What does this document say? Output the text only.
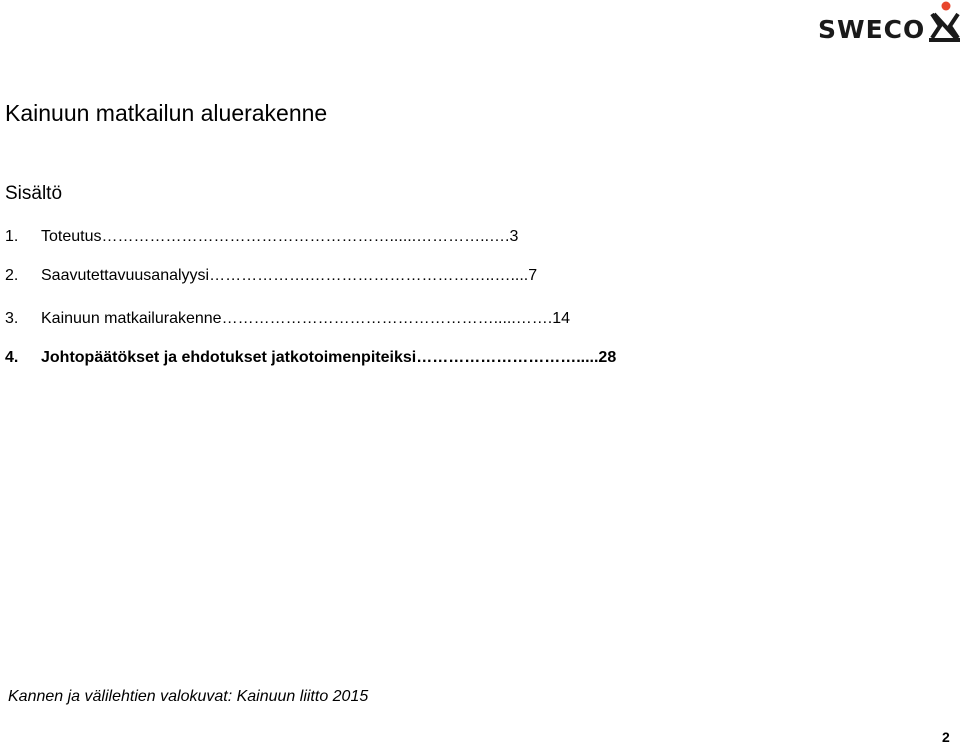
SWECO
Kainuun matkailun aluerakenne
Sisältö
1. Toteutus………………………………………………......…………..….3
2. Saavutettavuusanalyysi……………….……………………………..…....7
3. Kainuun matkailurakenne…………………………………………….....…….14
4. Johtopäätökset ja ehdotukset jatkotoimenpiteiksi………………………….....28
Kannen ja välilehtien valokuvat: Kainuun liitto 2015
2
